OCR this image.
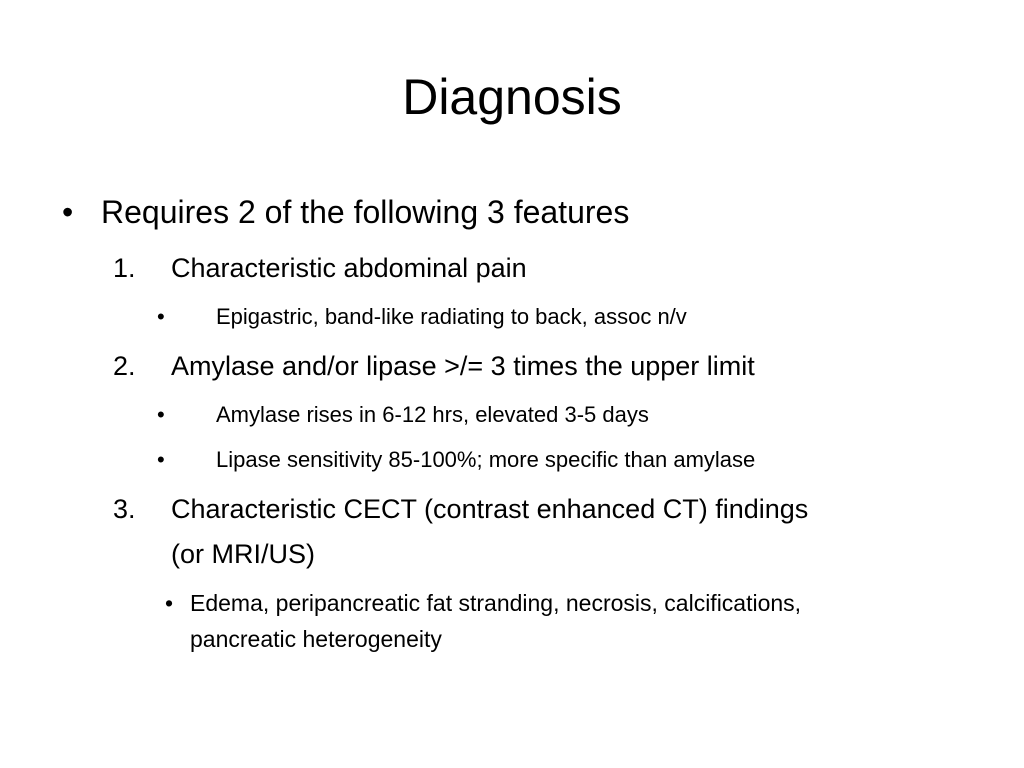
Diagnosis
• Requires 2 of the following 3 features
1. Characteristic abdominal pain
• Epigastric, band-like radiating to back, assoc n/v
2. Amylase and/or lipase >/= 3 times the upper limit
• Amylase rises in 6-12 hrs, elevated 3-5 days
• Lipase sensitivity 85-100%; more specific than amylase
3. Characteristic CECT (contrast enhanced CT) findings
(or MRI/US)
• Edema, peripancreatic fat stranding, necrosis, calcifications,
pancreatic heterogeneity
